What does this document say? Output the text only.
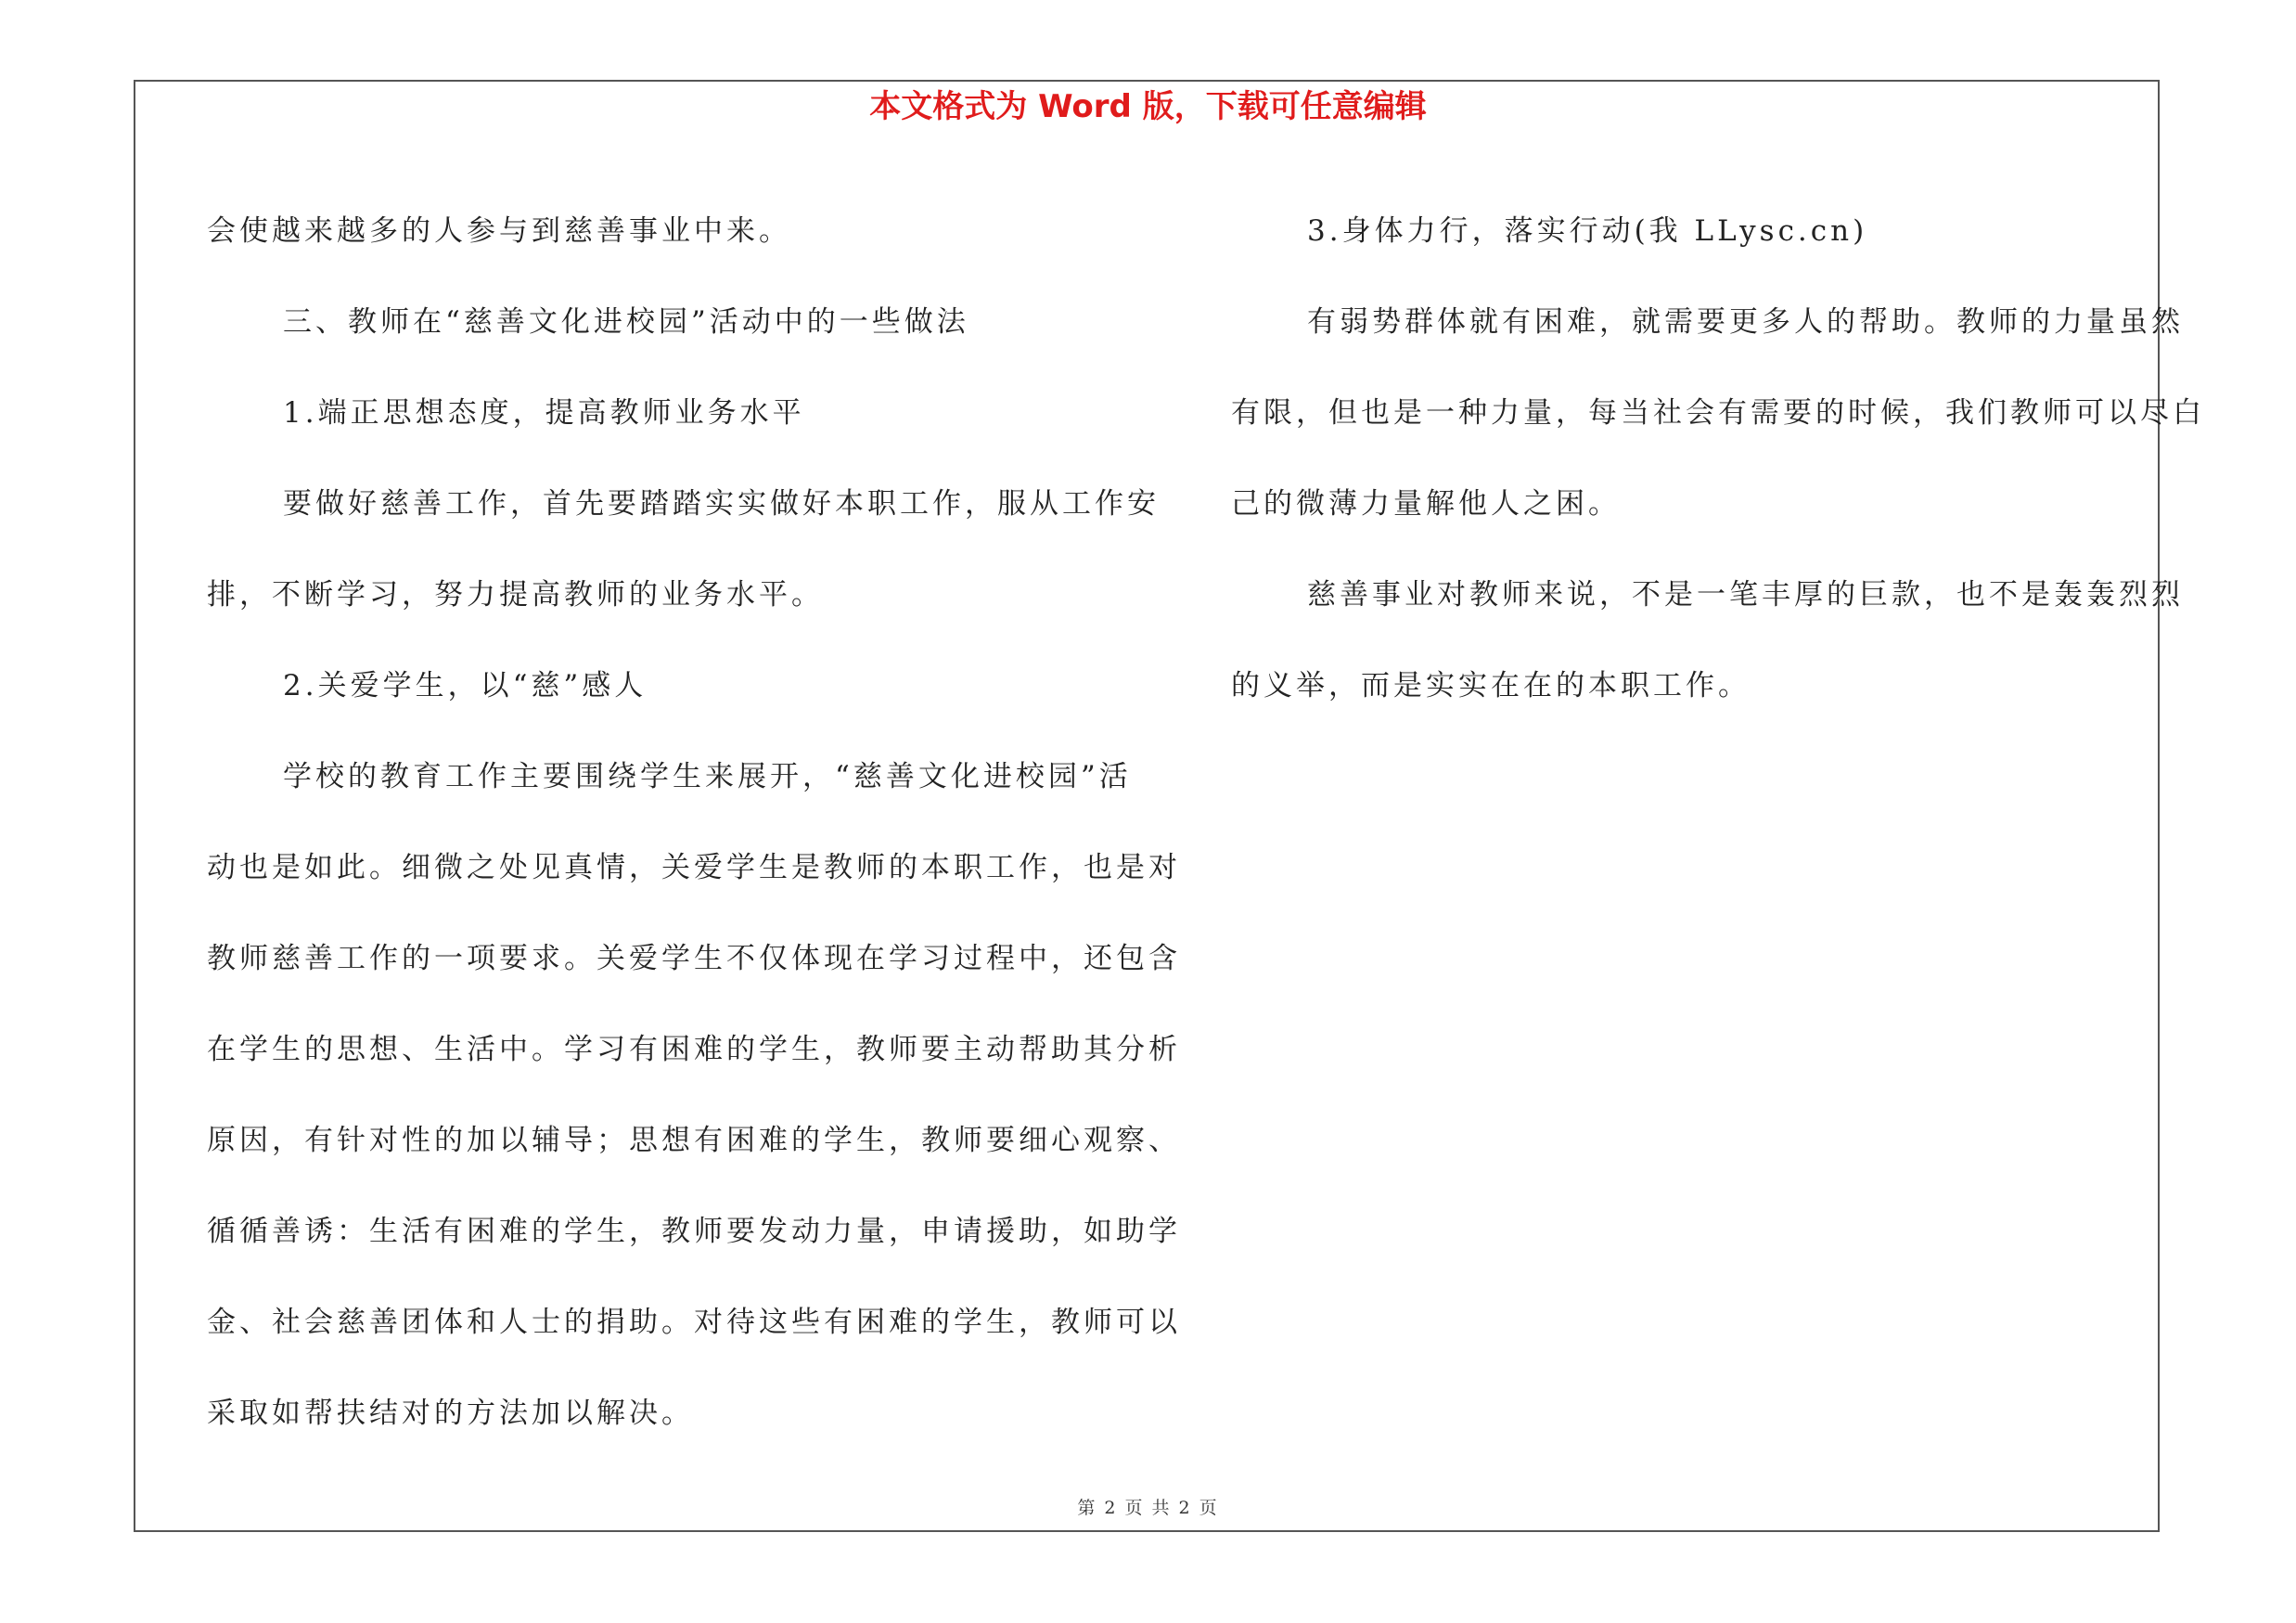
本文格式为 Word 版，下载可任意编辑

会使越来越多的人参与到慈善事业中来。

三、教师在“慈善文化进校园”活动中的一些做法

1.端正思想态度，提高教师业务水平

要做好慈善工作，首先要踏踏实实做好本职工作，服从工作安

排，不断学习，努力提高教师的业务水平。

2.关爱学生，以“慈”感人

学校的教育工作主要围绕学生来展开，“慈善文化进校园”活

动也是如此。细微之处见真情，关爱学生是教师的本职工作，也是对

教师慈善工作的一项要求。关爱学生不仅体现在学习过程中，还包含

在学生的思想、生活中。学习有困难的学生，教师要主动帮助其分析

原因，有针对性的加以辅导；思想有困难的学生，教师要细心观察、

循循善诱：生活有困难的学生，教师要发动力量，申请援助，如助学

金、社会慈善团体和人士的捐助。对待这些有困难的学生，教师可以

采取如帮扶结对的方法加以解决。

3.身体力行，落实行动(我 LLysc.cn)

有弱势群体就有困难，就需要更多人的帮助。教师的力量虽然

有限，但也是一种力量，每当社会有需要的时候，我们教师可以尽白

己的微薄力量解他人之困。

慈善事业对教师来说，不是一笔丰厚的巨款，也不是轰轰烈烈

的义举，而是实实在在的本职工作。

第 2 页 共 2 页
